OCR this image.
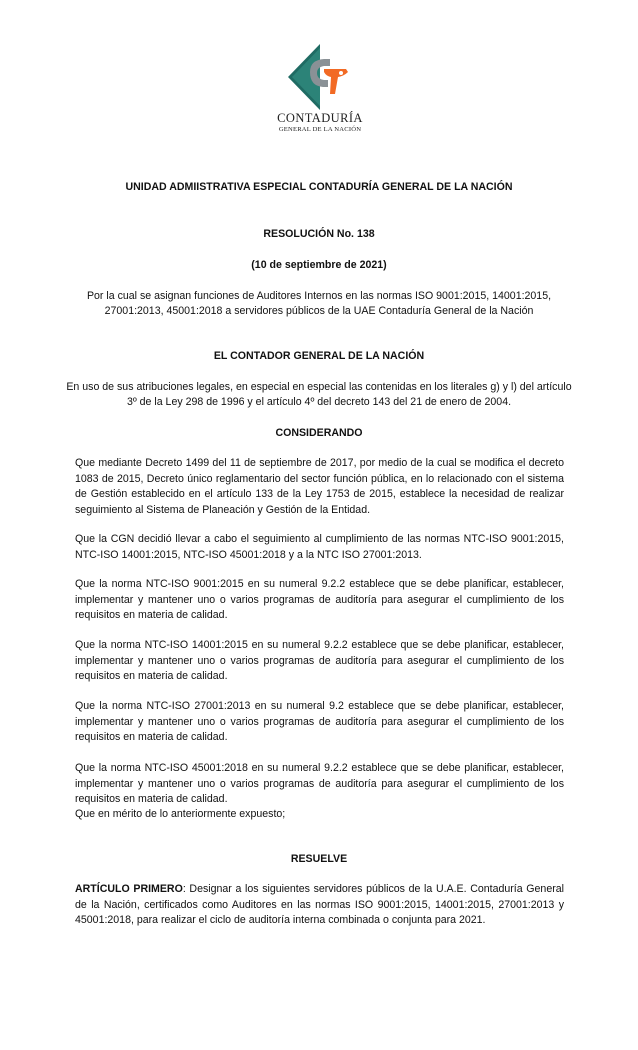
CONTADURÍA
GENERAL DE LA NACIÓN
UNIDAD ADMIISTRATIVA ESPECIAL CONTADURÍA GENERAL DE LA NACIÓN
RESOLUCIÓN No. 138
(10 de septiembre de 2021)
Por la cual se asignan funciones de Auditores Internos en las normas ISO 9001:2015, 14001:2015, 27001:2013, 45001:2018 a servidores públicos de la UAE Contaduría General de la Nación
EL CONTADOR GENERAL DE LA NACIÓN
En uso de sus atribuciones legales, en especial en especial las contenidas en los literales g) y l) del artículo 3º de la Ley 298 de 1996 y el artículo 4º del decreto 143 del 21 de enero de 2004.
CONSIDERANDO
Que mediante Decreto 1499 del 11 de septiembre de 2017, por medio de la cual se modifica el decreto 1083 de 2015, Decreto único reglamentario del sector función pública, en lo relacionado con el sistema de Gestión establecido en el artículo 133 de la Ley 1753 de 2015, establece la necesidad de realizar seguimiento al Sistema de Planeación y Gestión de la Entidad.
Que la CGN decidió llevar a cabo el seguimiento al cumplimiento de las normas NTC-ISO 9001:2015, NTC-ISO 14001:2015, NTC-ISO 45001:2018 y a la NTC ISO 27001:2013.
Que la norma NTC-ISO 9001:2015 en su numeral 9.2.2 establece que se debe planificar, establecer, implementar y mantener uno o varios programas de auditoría para asegurar el cumplimiento de los requisitos en materia de calidad.
Que la norma NTC-ISO 14001:2015 en su numeral 9.2.2 establece que se debe planificar, establecer, implementar y mantener uno o varios programas de auditoría para asegurar el cumplimiento de los requisitos en materia de calidad.
Que la norma NTC-ISO 27001:2013 en su numeral 9.2 establece que se debe planificar, establecer, implementar y mantener uno o varios programas de auditoría para asegurar el cumplimiento de los requisitos en materia de calidad.
Que la norma NTC-ISO 45001:2018 en su numeral 9.2.2 establece que se debe planificar, establecer, implementar y mantener uno o varios programas de auditoría para asegurar el cumplimiento de los requisitos en materia de calidad.
Que en mérito de lo anteriormente expuesto;
RESUELVE
ARTÍCULO PRIMERO: Designar a los siguientes servidores públicos de la U.A.E. Contaduría General de la Nación, certificados como Auditores en las normas ISO 9001:2015, 14001:2015, 27001:2013 y 45001:2018, para realizar el ciclo de auditoría interna combinada o conjunta para 2021.
